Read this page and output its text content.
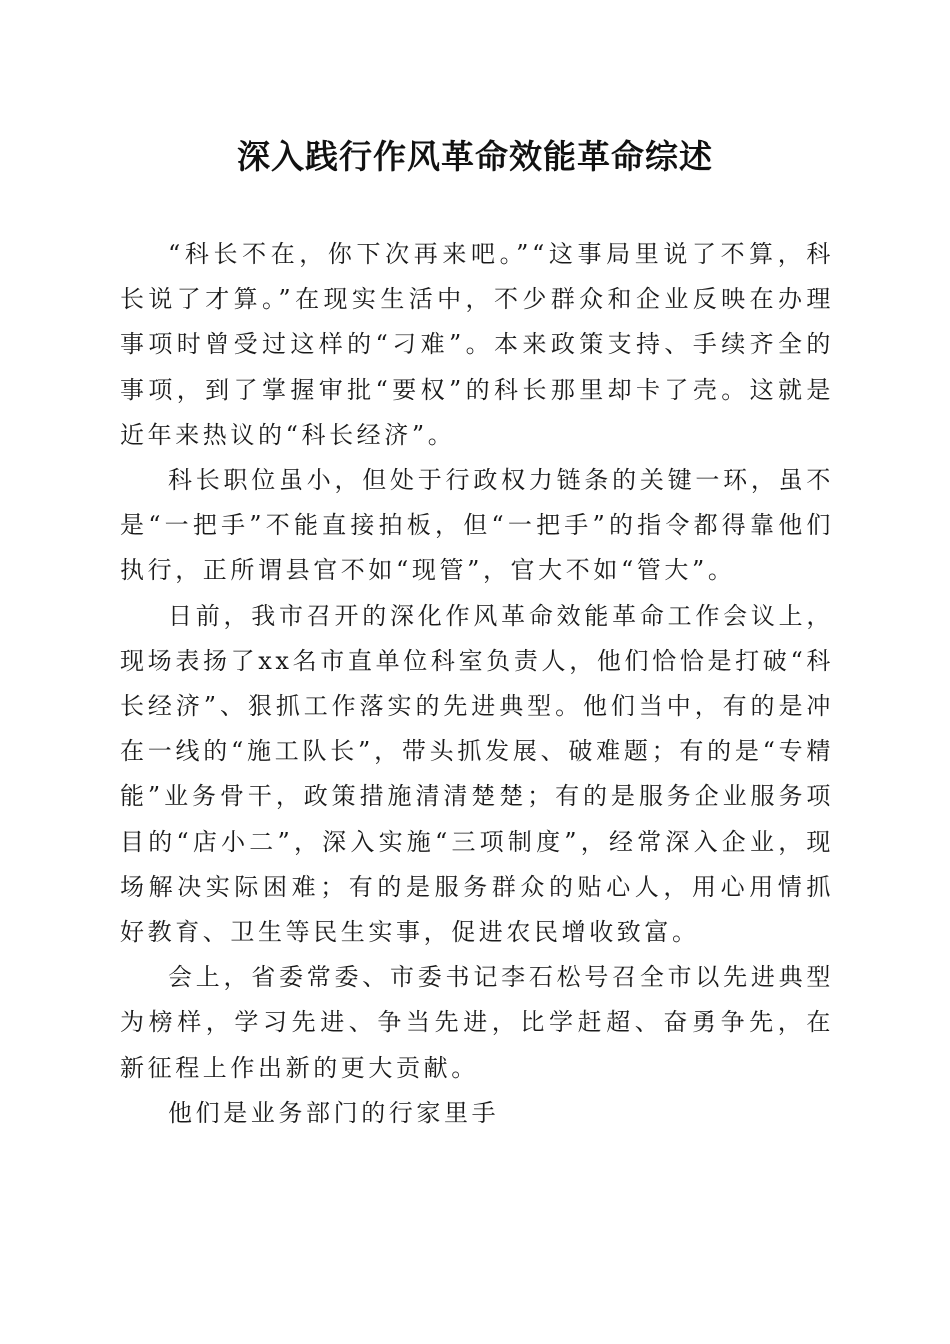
深入践行作风革命效能革命综述

“科长不在，你下次再来吧。”“这事局里说了不算，科长说了才算。”在现实生活中，不少群众和企业反映在办理事项时曾受过这样的“刁难”。本来政策支持、手续齐全的事项，到了掌握审批“要权”的科长那里却卡了壳。这就是近年来热议的“科长经济”。

科长职位虽小，但处于行政权力链条的关键一环，虽不是“一把手”不能直接拍板，但“一把手”的指令都得靠他们执行，正所谓县官不如“现管”，官大不如“管大”。

日前，我市召开的深化作风革命效能革命工作会议上，现场表扬了xx名市直单位科室负责人，他们恰恰是打破“科长经济”、狠抓工作落实的先进典型。他们当中，有的是冲在一线的“施工队长”，带头抓发展、破难题；有的是“专精能”业务骨干，政策措施清清楚楚；有的是服务企业服务项目的“店小二”，深入实施“三项制度”，经常深入企业，现场解决实际困难；有的是服务群众的贴心人，用心用情抓好教育、卫生等民生实事，促进农民增收致富。

会上，省委常委、市委书记李石松号召全市以先进典型为榜样，学习先进、争当先进，比学赶超、奋勇争先，在新征程上作出新的更大贡献。

他们是业务部门的行家里手
